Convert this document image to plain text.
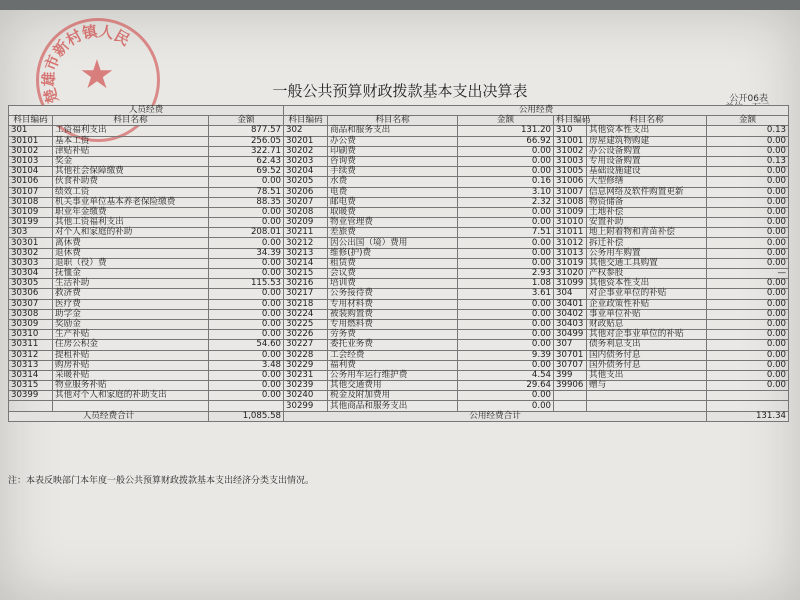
楚雄市新村镇人民
★	一般公共预算财政拨款基本支出决算表	公开06表
人员经费			公用经费					
科目编码	科目名称	金额	科目编码	科目名称	金额	科目编码	科目名称	金额
301	工资福利支出	877.57	302	商品和服务支出	131.20	310	其他资本性支出	0.13
30101	基本工资	256.05	30201	办公费	66.92	31001	房屋建筑物购建	0.00
30102	津贴补贴	322.71	30202	印刷费	0.00	31002	办公设备购置	0.00
30103	奖金	62.43	30203	咨询费	0.00	31003	专用设备购置	0.13
30104	其他社会保障缴费	69.52	30204	手续费	0.00	31005	基础设施建设	0.00
30106	伙食补助费	0.00	30205	水费	0.16	31006	大型修缮	0.00
30107	绩效工资	78.51	30206	电费	3.10	31007	信息网络及软件购置更新	0.00
30108	机关事业单位基本养老保险缴费	88.35	30207	邮电费	2.32	31008	物资储备	0.00
30109	职业年金缴费	0.00	30208	取暖费	0.00	31009	土地补偿	0.00
30199	其他工资福利支出	0.00	30209	物业管理费	0.00	31010	安置补助	0.00
303	对个人和家庭的补助	208.01	30211	差旅费	7.51	31011	地上附着物和青苗补偿	0.00
30301	离休费	0.00	30212	因公出国（境）费用	0.00	31012	拆迁补偿	0.00
30302	退休费	34.39	30213	维修(护)费	0.00	31013	公务用车购置	0.00
30303	退职（役）费	0.00	30214	租赁费	0.00	31019	其他交通工具购置	0.00
30304	抚恤金	0.00	30215	会议费	2.93	31020	产权参股	—
30305	生活补助	115.53	30216	培训费	1.08	31099	其他资本性支出	0.00
30306	救济费	0.00	30217	公务接待费	3.61	304	对企事业单位的补贴	0.00
30307	医疗费	0.00	30218	专用材料费	0.00	30401	企业政策性补贴	0.00
30308	助学金	0.00	30224	被装购置费	0.00	30402	事业单位补贴	0.00
30309	奖励金	0.00	30225	专用燃料费	0.00	30403	财政贴息	0.00
30310	生产补贴	0.00	30226	劳务费	0.00	30499	其他对企事业单位的补贴	0.00
30311	住房公积金	54.60	30227	委托业务费	0.00	307	债务利息支出	0.00
30312	提租补贴	0.00	30228	工会经费	9.39	30701	国内债务付息	0.00
30313	购房补贴	3.48	30229	福利费	0.00	30707	国外债务付息	0.00
30314	采暖补贴	0.00	30231	公务用车运行维护费	4.54	399	其他支出	0.00
30315	物业服务补贴	0.00	30239	其他交通费用	29.64	39906	赠与	0.00
30399	其他对个人和家庭的补助支出	0.00	30240	税金及附加费用	0.00			
			30299	其他商品和服务支出	0.00			
人员经费合计		1,085.58	公用经费合计					131.34
注：本表反映部门本年度一般公共预算财政拨款基本支出经济分类支出情况。
